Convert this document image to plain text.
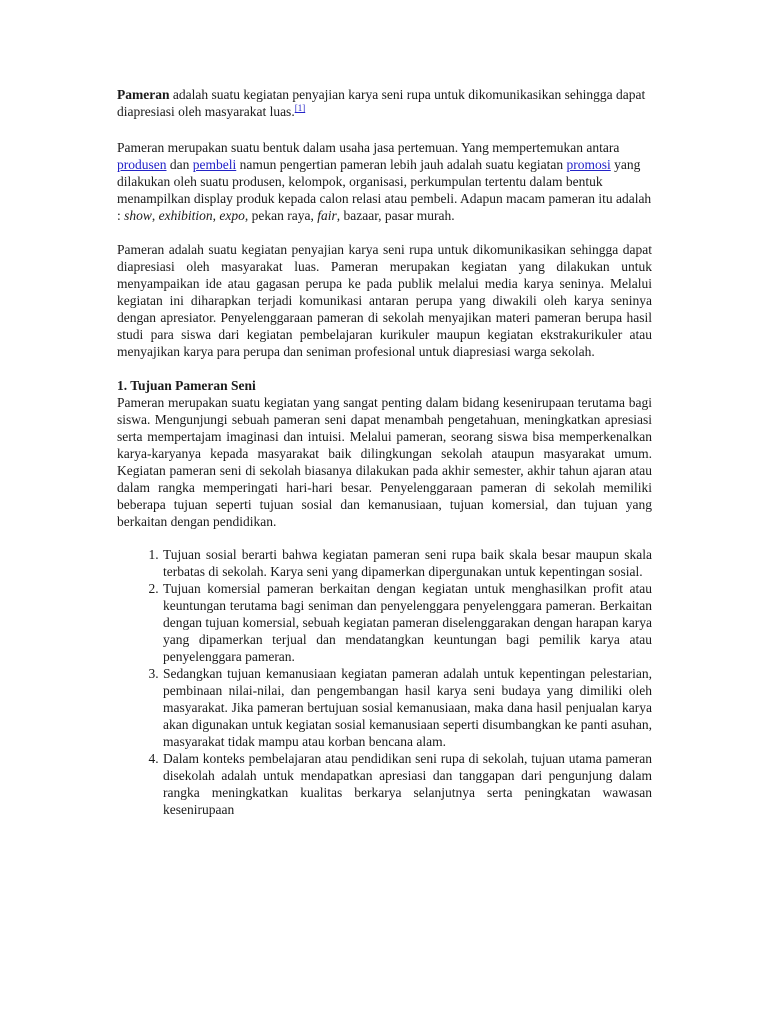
Pameran adalah suatu kegiatan penyajian karya seni rupa untuk dikomunikasikan sehingga dapat diapresiasi oleh masyarakat luas.[1]

Pameran merupakan suatu bentuk dalam usaha jasa pertemuan. Yang mempertemukan antara produsen dan pembeli namun pengertian pameran lebih jauh adalah suatu kegiatan promosi yang dilakukan oleh suatu produsen, kelompok, organisasi, perkumpulan tertentu dalam bentuk menampilkan display produk kepada calon relasi atau pembeli. Adapun macam pameran itu adalah : show, exhibition, expo, pekan raya, fair, bazaar, pasar murah.

Pameran adalah suatu kegiatan penyajian karya seni rupa untuk dikomunikasikan sehingga dapat diapresiasi oleh masyarakat luas. Pameran merupakan kegiatan yang dilakukan untuk menyampaikan ide atau gagasan perupa ke pada publik melalui media karya seninya. Melalui kegiatan ini diharapkan terjadi komunikasi antaran perupa yang diwakili oleh karya seninya dengan apresiator. Penyelenggaraan pameran di sekolah menyajikan materi pameran berupa hasil studi para siswa dari kegiatan pembelajaran kurikuler maupun kegiatan ekstrakurikuler atau menyajikan karya para perupa dan seniman profesional untuk diapresiasi warga sekolah.

1. Tujuan Pameran Seni

Pameran merupakan suatu kegiatan yang sangat penting dalam bidang kesenirupaan terutama bagi siswa. Mengunjungi sebuah pameran seni dapat menambah pengetahuan, meningkatkan apresiasi serta mempertajam imaginasi dan intuisi. Melalui pameran, seorang siswa bisa memperkenalkan karya-karyanya kepada masyarakat baik dilingkungan sekolah ataupun masyarakat umum. Kegiatan pameran seni di sekolah biasanya dilakukan pada akhir semester, akhir tahun ajaran atau dalam rangka memperingati hari-hari besar. Penyelenggaraan pameran di sekolah memiliki beberapa tujuan seperti tujuan sosial dan kemanusiaan, tujuan komersial, dan tujuan yang berkaitan dengan pendidikan.

1. Tujuan sosial berarti bahwa kegiatan pameran seni rupa baik skala besar maupun skala terbatas di sekolah. Karya seni yang dipamerkan dipergunakan untuk kepentingan sosial.
2. Tujuan komersial pameran berkaitan dengan kegiatan untuk menghasilkan profit atau keuntungan terutama bagi seniman dan penyelenggara penyelenggara pameran. Berkaitan dengan tujuan komersial, sebuah kegiatan pameran diselenggarakan dengan harapan karya yang dipamerkan terjual dan mendatangkan keuntungan bagi pemilik karya atau penyelenggara pameran.
3. Sedangkan tujuan kemanusiaan kegiatan pameran adalah untuk kepentingan pelestarian, pembinaan nilai-nilai, dan pengembangan hasil karya seni budaya yang dimiliki oleh masyarakat. Jika pameran bertujuan sosial kemanusiaan, maka dana hasil penjualan karya akan digunakan untuk kegiatan sosial kemanusiaan seperti disumbangkan ke panti asuhan, masyarakat tidak mampu atau korban bencana alam.
4. Dalam konteks pembelajaran atau pendidikan seni rupa di sekolah, tujuan utama pameran disekolah adalah untuk mendapatkan apresiasi dan tanggapan dari pengunjung dalam rangka meningkatkan kualitas berkarya selanjutnya serta peningkatan wawasan kesenirupaan
